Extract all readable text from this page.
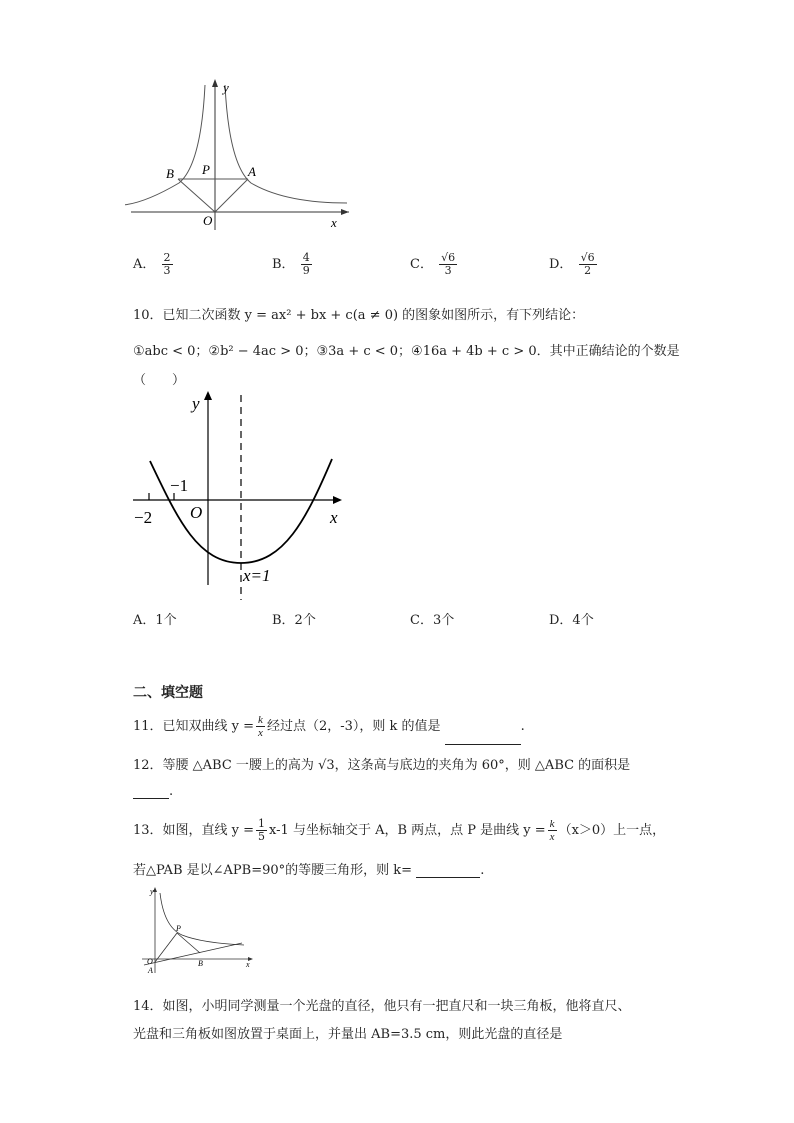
y
x
O
B P	A
A． $\frac{2}{3}$	B． $\frac{4}{9}$	C． $\frac{√6}{3}$	D． $\frac{√6}{2}$
10．已知二次函数 y = ax² + bx + c(a ≠ 0) 的图象如图所示，有下列结论：
①abc < 0；②b² − 4ac > 0；③3a + c < 0；④16a + 4b + c > 0．其中正确结论的个数是
（　　）
y
x
O
−1
−2
x=1
A．1个	B．2个	C．3个	D．4个
二、填空题
11．已知双曲线 $y = \frac{k}{x}$ 经过点（2，-3），则 k 的值是	.
12．等腰 △ABC 一腰上的高为 √3，这条高与底边的夹角为 60°，则 △ABC 的面积是
.
13．如图，直线 $y = \frac{1}{5} x-1$ 与坐标轴交于 A，B 两点，点 P 是曲线 $y = \frac{k}{x} (x>0)$上一点，
若△PAB 是以∠APB=90°的等腰三角形，则 k=	.
y
x
O
A
B
P
14．如图，小明同学测量一个光盘的直径，他只有一把直尺和一块三角板，他将直尺、
光盘和三角板如图放置于桌面上，并量出 AB=3.5 cm，则此光盘的直径是
